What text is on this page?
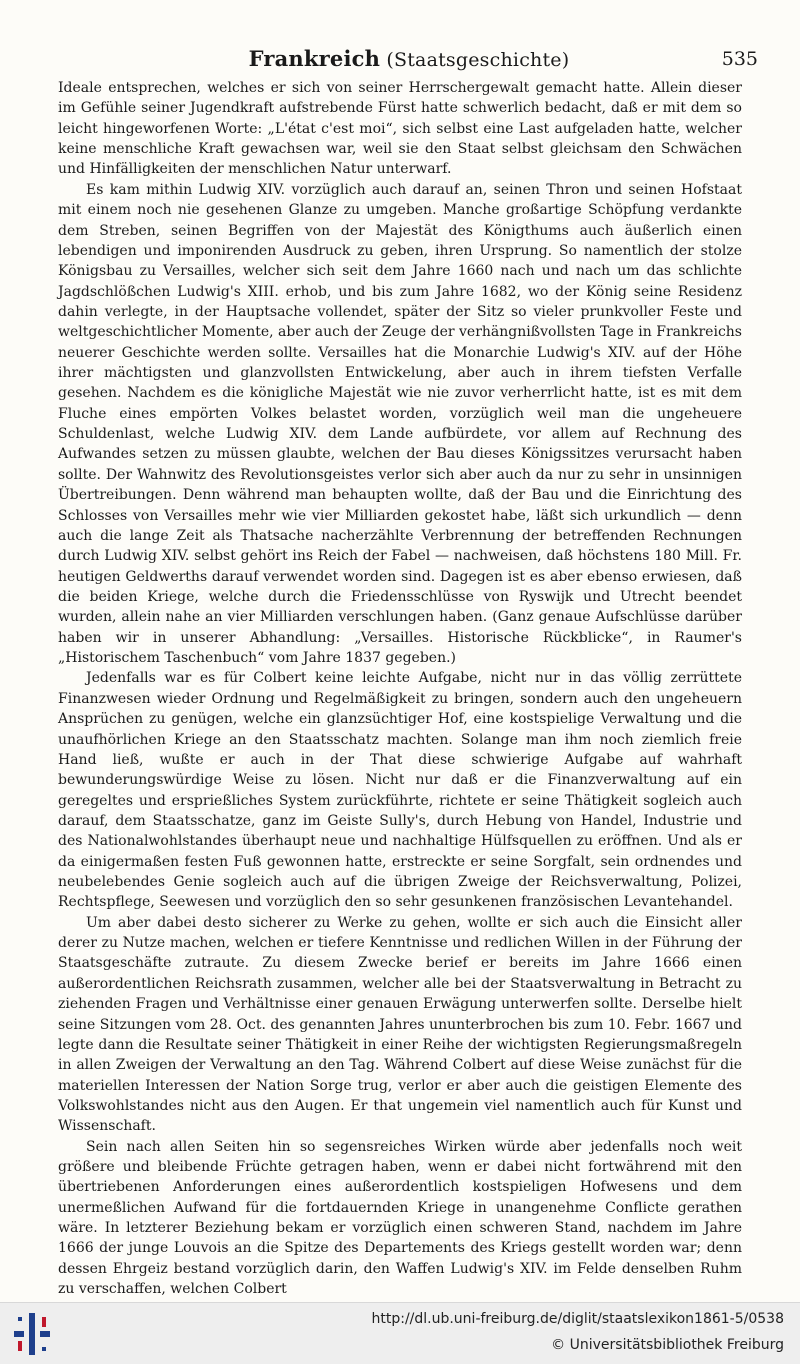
Frankreich (Staatsgeschichte)	535

Ideale entsprechen, welches er sich von seiner Herrschergewalt gemacht hatte. Allein dieser im Gefühle seiner Jugendkraft aufstrebende Fürst hatte schwerlich bedacht, daß er mit dem so leicht hingeworfenen Worte: „L'état c'est moi“, sich selbst eine Last aufgeladen hatte, welcher keine menschliche Kraft gewachsen war, weil sie den Staat selbst gleichsam den Schwächen und Hinfälligkeiten der menschlichen Natur unterwarf.

Es kam mithin Ludwig XIV. vorzüglich auch darauf an, seinen Thron und seinen Hofstaat mit einem noch nie gesehenen Glanze zu umgeben. Manche großartige Schöpfung verdankte dem Streben, seinen Begriffen von der Majestät des Königthums auch äußerlich einen lebendigen und imponirenden Ausdruck zu geben, ihren Ursprung. So namentlich der stolze Königsbau zu Versailles, welcher sich seit dem Jahre 1660 nach und nach um das schlichte Jagdschlößchen Ludwig's XIII. erhob, und bis zum Jahre 1682, wo der König seine Residenz dahin verlegte, in der Hauptsache vollendet, später der Sitz so vieler prunkvoller Feste und weltgeschichtlicher Momente, aber auch der Zeuge der verhängnißvollsten Tage in Frankreichs neuerer Geschichte werden sollte. Versailles hat die Monarchie Ludwig's XIV. auf der Höhe ihrer mächtigsten und glanzvollsten Entwickelung, aber auch in ihrem tiefsten Verfalle gesehen. Nachdem es die königliche Majestät wie nie zuvor verherrlicht hatte, ist es mit dem Fluche eines empörten Volkes belastet worden, vorzüglich weil man die ungeheuere Schuldenlast, welche Ludwig XIV. dem Lande aufbürdete, vor allem auf Rechnung des Aufwandes setzen zu müssen glaubte, welchen der Bau dieses Königssitzes verursacht haben sollte. Der Wahnwitz des Revolutionsgeistes verlor sich aber auch da nur zu sehr in unsinnigen Übertreibungen. Denn während man behaupten wollte, daß der Bau und die Einrichtung des Schlosses von Versailles mehr wie vier Milliarden gekostet habe, läßt sich urkundlich — denn auch die lange Zeit als Thatsache nacherzählte Verbrennung der betreffenden Rechnungen durch Ludwig XIV. selbst gehört ins Reich der Fabel — nachweisen, daß höchstens 180 Mill. Fr. heutigen Geldwerths darauf verwendet worden sind. Dagegen ist es aber ebenso erwiesen, daß die beiden Kriege, welche durch die Friedensschlüsse von Ryswijk und Utrecht beendet wurden, allein nahe an vier Milliarden verschlungen haben. (Ganz genaue Aufschlüsse darüber haben wir in unserer Abhandlung: „Versailles. Historische Rückblicke“, in Raumer's „Historischem Taschenbuch“ vom Jahre 1837 gegeben.)

Jedenfalls war es für Colbert keine leichte Aufgabe, nicht nur in das völlig zerrüttete Finanzwesen wieder Ordnung und Regelmäßigkeit zu bringen, sondern auch den ungeheuern Ansprüchen zu genügen, welche ein glanzsüchtiger Hof, eine kostspielige Verwaltung und die unaufhörlichen Kriege an den Staatsschatz machten. Solange man ihm noch ziemlich freie Hand ließ, wußte er auch in der That diese schwierige Aufgabe auf wahrhaft bewunderungswürdige Weise zu lösen. Nicht nur daß er die Finanzverwaltung auf ein geregeltes und ersprießliches System zurückführte, richtete er seine Thätigkeit sogleich auch darauf, dem Staatsschatze, ganz im Geiste Sully's, durch Hebung von Handel, Industrie und des Nationalwohlstandes überhaupt neue und nachhaltige Hülfsquellen zu eröffnen. Und als er da einigermaßen festen Fuß gewonnen hatte, erstreckte er seine Sorgfalt, sein ordnendes und neubelebendes Genie sogleich auch auf die übrigen Zweige der Reichsverwaltung, Polizei, Rechtspflege, Seewesen und vorzüglich den so sehr gesunkenen französischen Levantehandel.

Um aber dabei desto sicherer zu Werke zu gehen, wollte er sich auch die Einsicht aller derer zu Nutze machen, welchen er tiefere Kenntnisse und redlichen Willen in der Führung der Staatsgeschäfte zutraute. Zu diesem Zwecke berief er bereits im Jahre 1666 einen außerordentlichen Reichsrath zusammen, welcher alle bei der Staatsverwaltung in Betracht zu ziehenden Fragen und Verhältnisse einer genauen Erwägung unterwerfen sollte. Derselbe hielt seine Sitzungen vom 28. Oct. des genannten Jahres ununterbrochen bis zum 10. Febr. 1667 und legte dann die Resultate seiner Thätigkeit in einer Reihe der wichtigsten Regierungsmaßregeln in allen Zweigen der Verwaltung an den Tag. Während Colbert auf diese Weise zunächst für die materiellen Interessen der Nation Sorge trug, verlor er aber auch die geistigen Elemente des Volkswohlstandes nicht aus den Augen. Er that ungemein viel namentlich auch für Kunst und Wissenschaft.

Sein nach allen Seiten hin so segensreiches Wirken würde aber jedenfalls noch weit größere und bleibende Früchte getragen haben, wenn er dabei nicht fortwährend mit den übertriebenen Anforderungen eines außerordentlich kostspieligen Hofwesens und dem unermeßlichen Aufwand für die fortdauernden Kriege in unangenehme Conflicte gerathen wäre. In letzterer Beziehung bekam er vorzüglich einen schweren Stand, nachdem im Jahre 1666 der junge Louvois an die Spitze des Departements des Kriegs gestellt worden war; denn dessen Ehrgeiz bestand vorzüglich darin, den Waffen Ludwig's XIV. im Felde denselben Ruhm zu verschaffen, welchen Colbert

http://dl.ub.uni-freiburg.de/diglit/staatslexikon1861-5/0538
© Universitätsbibliothek Freiburg
